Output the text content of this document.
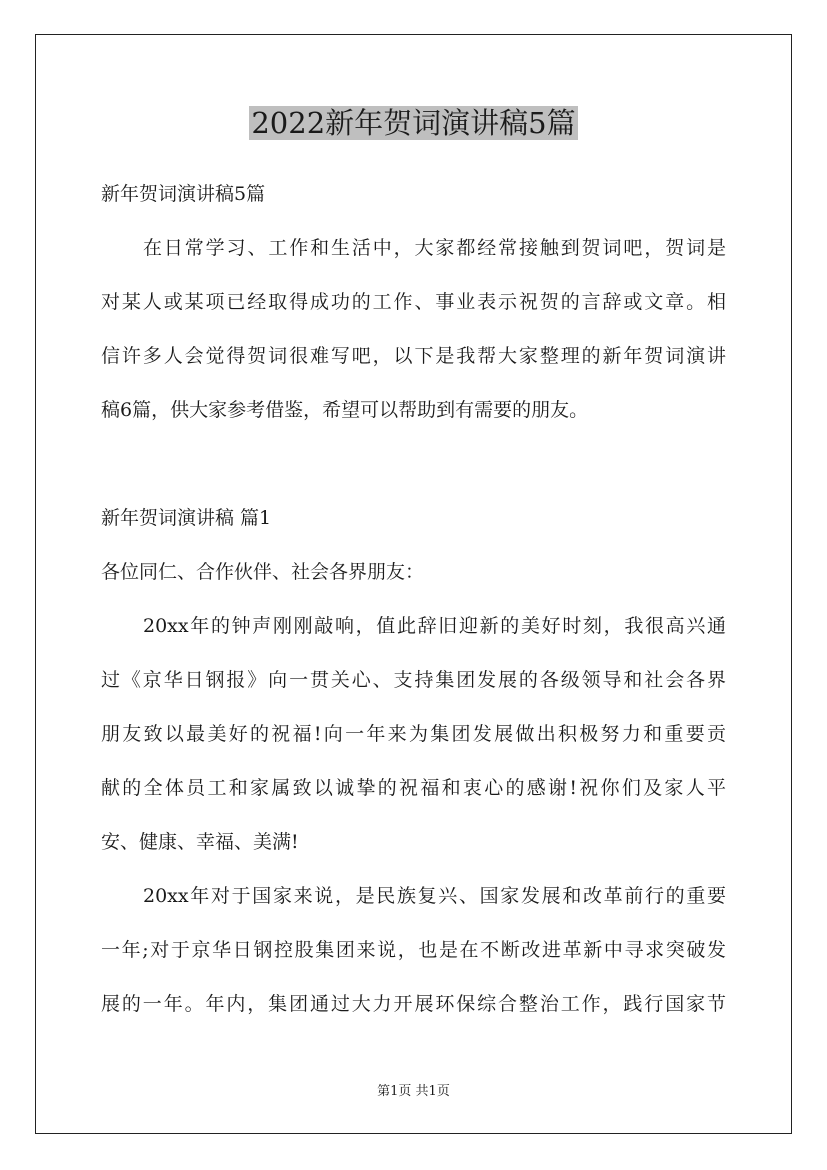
2022新年贺词演讲稿5篇

新年贺词演讲稿5篇

在日常学习、工作和生活中，大家都经常接触到贺词吧，贺词是

对某人或某项已经取得成功的工作、事业表示祝贺的言辞或文章。相

信许多人会觉得贺词很难写吧，以下是我帮大家整理的新年贺词演讲

稿6篇，供大家参考借鉴，希望可以帮助到有需要的朋友。

新年贺词演讲稿 篇1

各位同仁、合作伙伴、社会各界朋友：

20xx年的钟声刚刚敲响，值此辞旧迎新的美好时刻，我很高兴通

过《京华日钢报》向一贯关心、支持集团发展的各级领导和社会各界

朋友致以最美好的祝福!向一年来为集团发展做出积极努力和重要贡

献的全体员工和家属致以诚挚的祝福和衷心的感谢!祝你们及家人平

安、健康、幸福、美满!

20xx年对于国家来说，是民族复兴、国家发展和改革前行的重要

一年;对于京华日钢控股集团来说，也是在不断改进革新中寻求突破发

展的一年。年内，集团通过大力开展环保综合整治工作，践行国家节

第1页 共1页
